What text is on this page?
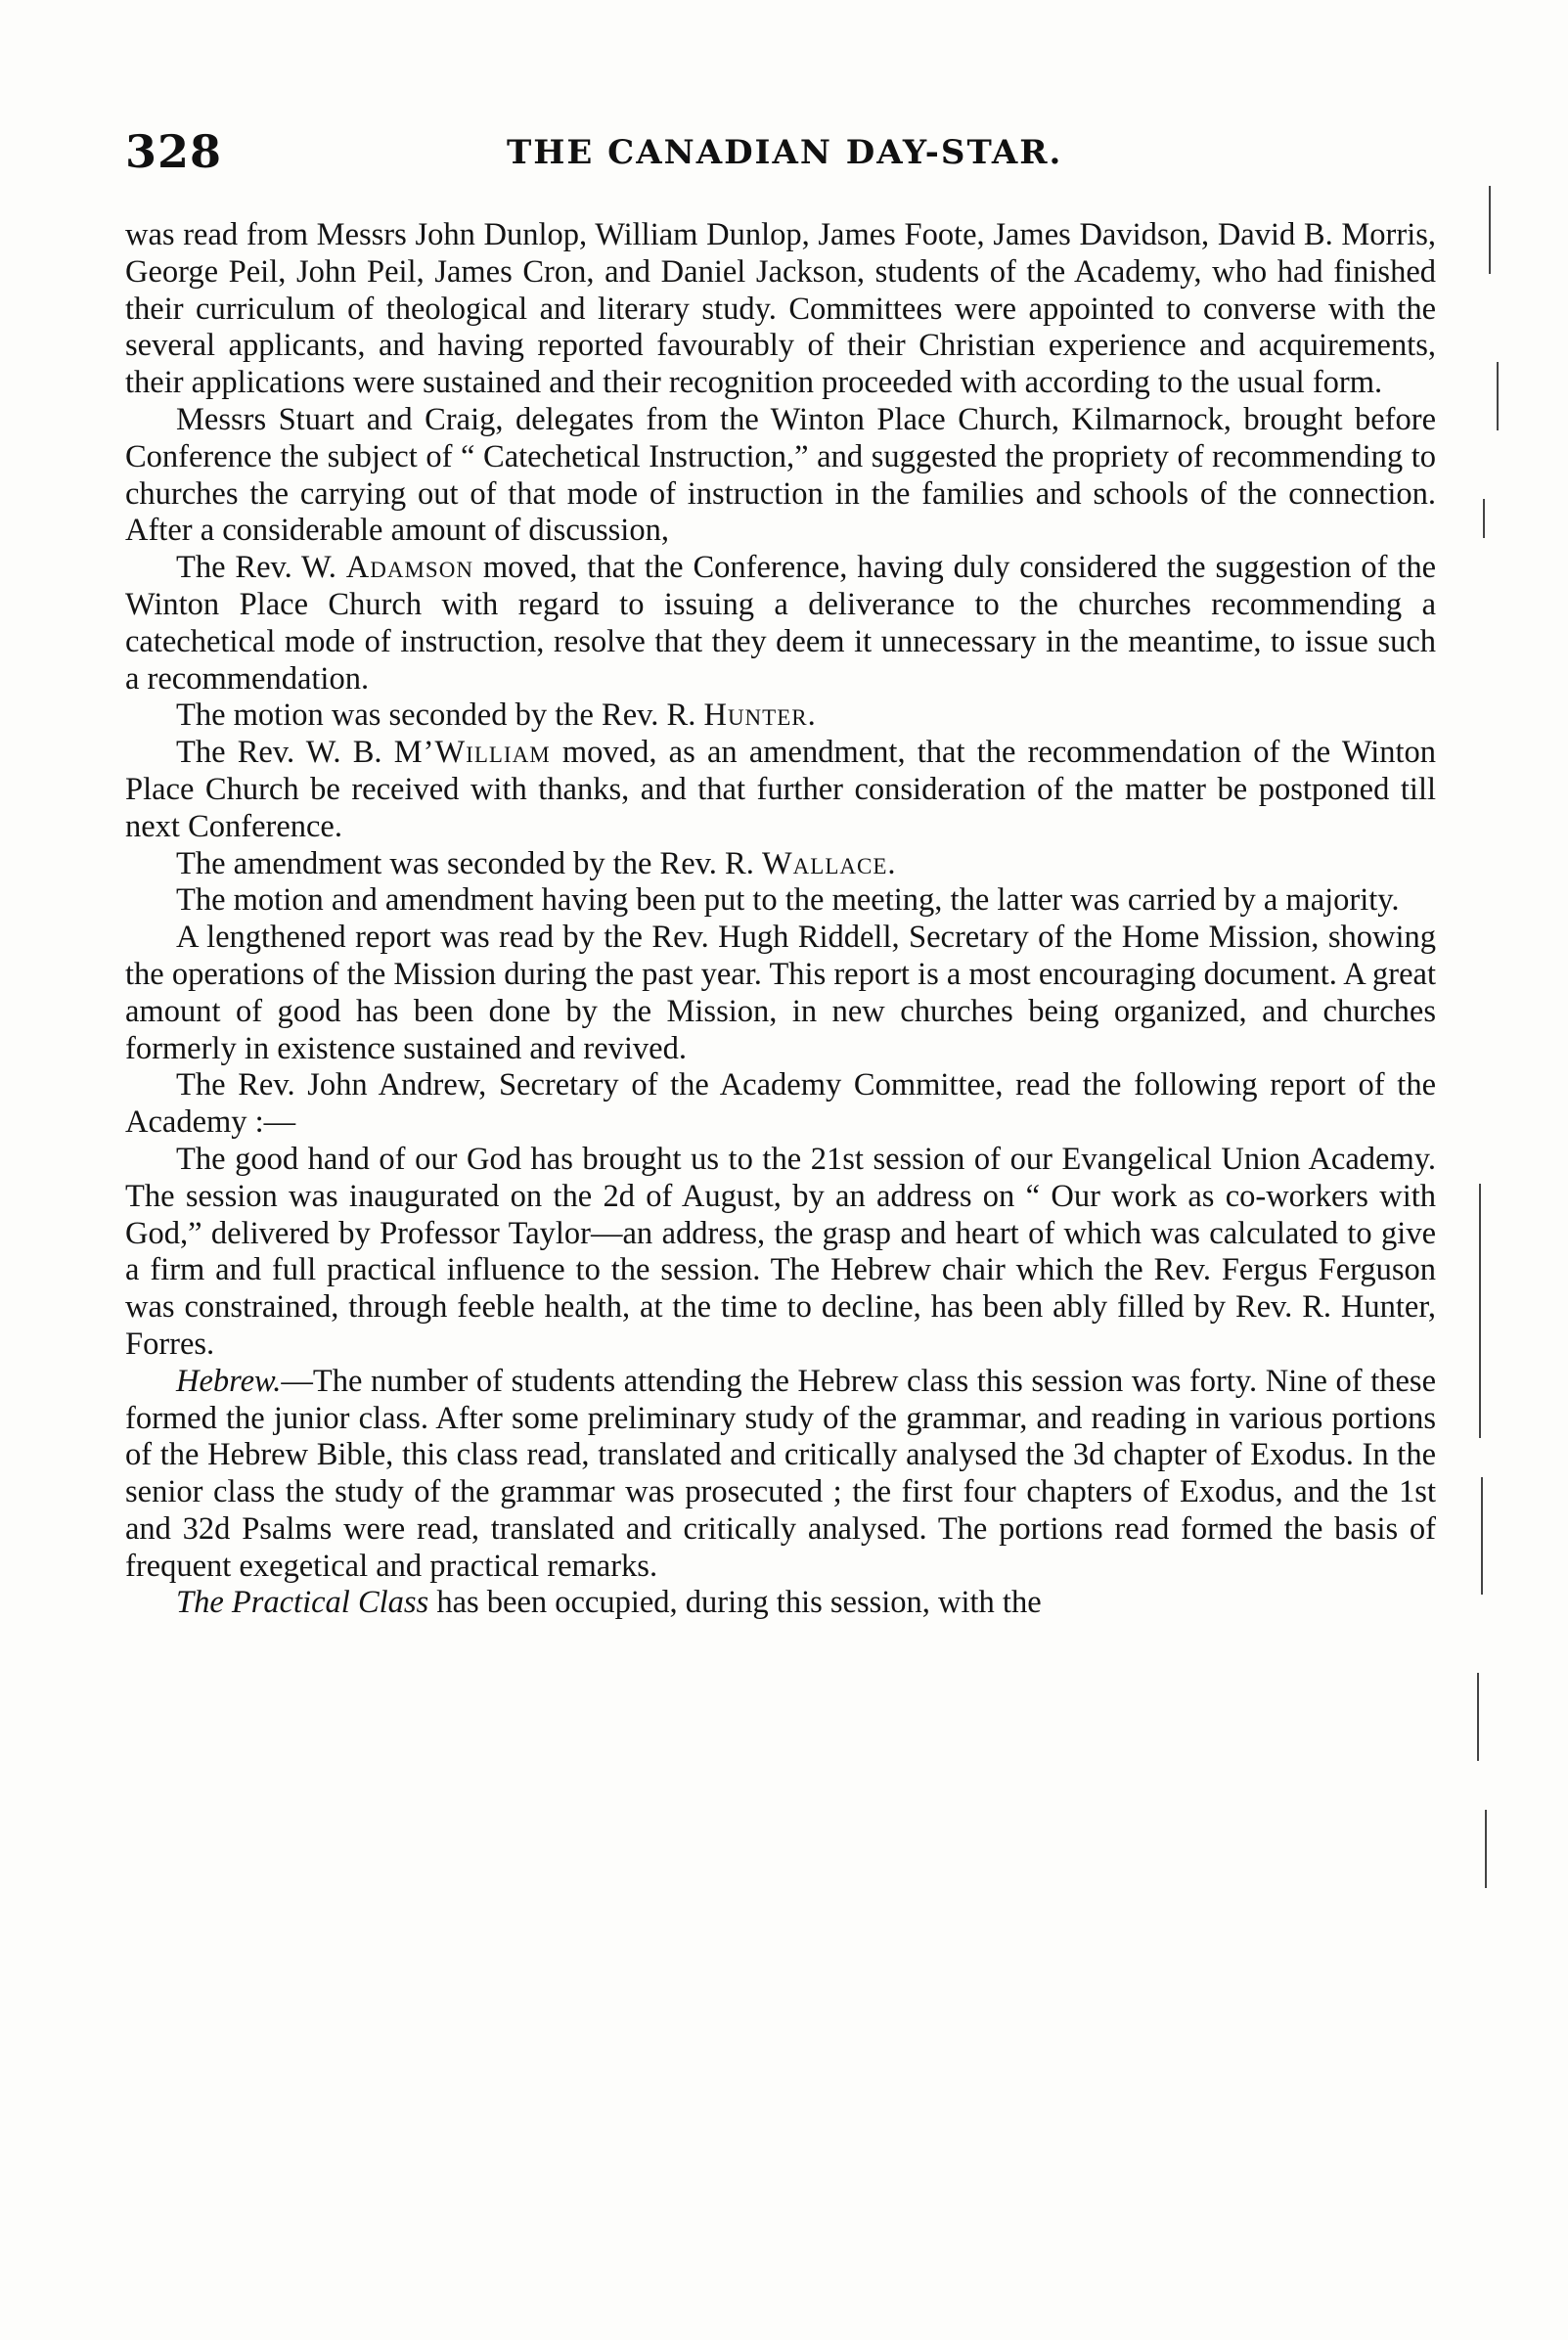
328	THE CANADIAN DAY-STAR.

was read from Messrs John Dunlop, William Dunlop, James Foote, James Davidson, David B. Morris, George Peil, John Peil, James Cron, and Daniel Jackson, students of the Academy, who had finished their curriculum of theological and literary study. Committees were appointed to converse with the several applicants, and having reported favourably of their Christian experience and acquirements, their applications were sustained and their recognition proceeded with according to the usual form.

Messrs Stuart and Craig, delegates from the Winton Place Church, Kilmarnock, brought before Conference the subject of “ Catechetical Instruction,” and suggested the propriety of recommending to churches the carrying out of that mode of instruction in the families and schools of the connection. After a considerable amount of discussion,

The Rev. W. Adamson moved, that the Conference, having duly considered the suggestion of the Winton Place Church with regard to issuing a deliverance to the churches recommending a catechetical mode of instruction, resolve that they deem it unnecessary in the meantime, to issue such a recommendation.

The motion was seconded by the Rev. R. Hunter.

The Rev. W. B. M’William moved, as an amendment, that the recommendation of the Winton Place Church be received with thanks, and that further consideration of the matter be postponed till next Conference.

The amendment was seconded by the Rev. R. Wallace.

The motion and amendment having been put to the meeting, the latter was carried by a majority.

A lengthened report was read by the Rev. Hugh Riddell, Secretary of the Home Mission, showing the operations of the Mission during the past year. This report is a most encouraging document. A great amount of good has been done by the Mission, in new churches being organized, and churches formerly in existence sustained and revived.

The Rev. John Andrew, Secretary of the Academy Committee, read the following report of the Academy :—

The good hand of our God has brought us to the 21st session of our Evangelical Union Academy. The session was inaugurated on the 2d of August, by an address on “ Our work as co-workers with God,” delivered by Professor Taylor—an address, the grasp and heart of which was calculated to give a firm and full practical influence to the session. The Hebrew chair which the Rev. Fergus Ferguson was constrained, through feeble health, at the time to decline, has been ably filled by Rev. R. Hunter, Forres.

Hebrew.—The number of students attending the Hebrew class this session was forty. Nine of these formed the junior class. After some preliminary study of the grammar, and reading in various portions of the Hebrew Bible, this class read, translated and critically analysed the 3d chapter of Exodus. In the senior class the study of the grammar was prosecuted ; the first four chapters of Exodus, and the 1st and 32d Psalms were read, translated and critically analysed. The portions read formed the basis of frequent exegetical and practical remarks.

The Practical Class has been occupied, during this session, with the
